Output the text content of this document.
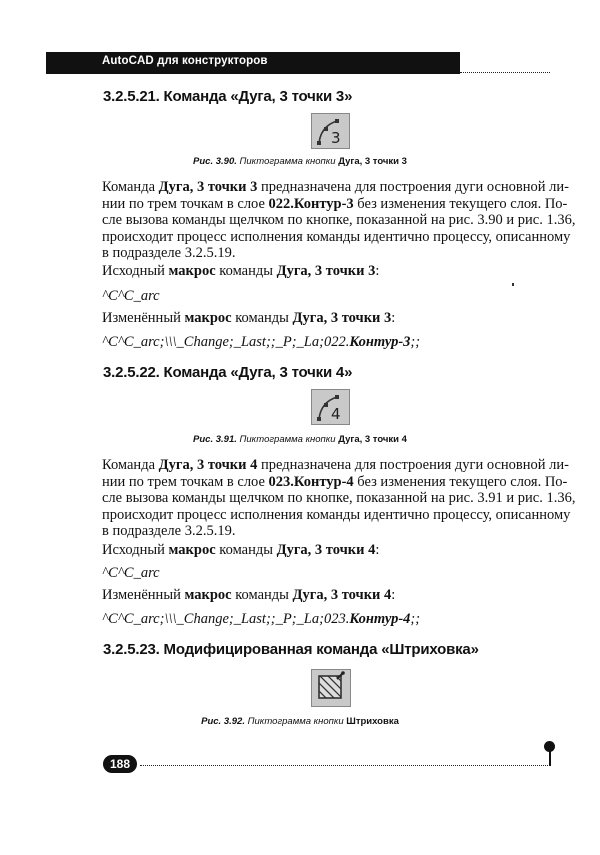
AutoCAD для конструкторов
3.2.5.21. Команда «Дуга, 3 точки 3»
3
Рис. 3.90. Пиктограмма кнопки Дуга, 3 точки 3
Команда Дуга, 3 точки 3 предназначена для построения дуги основной ли-
нии по трем точкам в слое 022.Контур-3 без изменения текущего слоя. По-
сле вызова команды щелчком по кнопке, показанной на рис. 3.90 и рис. 1.36,
происходит процесс исполнения команды идентично процессу, описанному
в подразделе 3.2.5.19.
Исходный макрос команды Дуга, 3 точки 3:
^C^C_arc
Изменённый макрос команды Дуга, 3 точки 3:
^C^C_arc;\\\_Change;_Last;;_P;_La;022.Контур-3;;
3.2.5.22. Команда «Дуга, 3 точки 4»
4
Рис. 3.91. Пиктограмма кнопки Дуга, 3 точки 4
Команда Дуга, 3 точки 4 предназначена для построения дуги основной ли-
нии по трем точкам в слое 023.Контур-4 без изменения текущего слоя. По-
сле вызова команды щелчком по кнопке, показанной на рис. 3.91 и рис. 1.36,
происходит процесс исполнения команды идентично процессу, описанному
в подразделе 3.2.5.19.
Исходный макрос команды Дуга, 3 точки 4:
^C^C_arc
Изменённый макрос команды Дуга, 3 точки 4:
^C^C_arc;\\\_Change;_Last;;_P;_La;023.Контур-4;;
3.2.5.23. Модифицированная команда «Штриховка»
Рис. 3.92. Пиктограмма кнопки Штриховка
188
